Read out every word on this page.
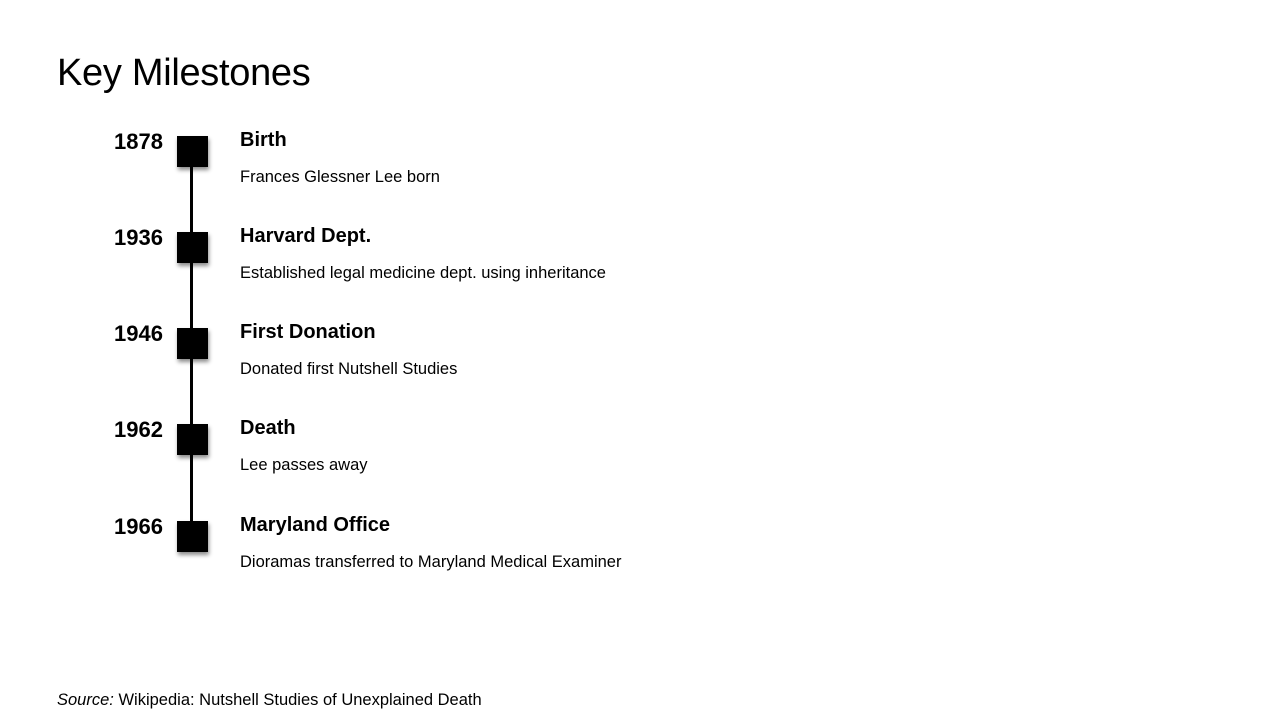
Key Milestones
1878	Birth
Frances Glessner Lee born
1936	Harvard Dept.
Established legal medicine dept. using inheritance
1946	First Donation
Donated first Nutshell Studies
1962	Death
Lee passes away
1966	Maryland Office
Dioramas transferred to Maryland Medical Examiner
Source: Wikipedia: Nutshell Studies of Unexplained Death
